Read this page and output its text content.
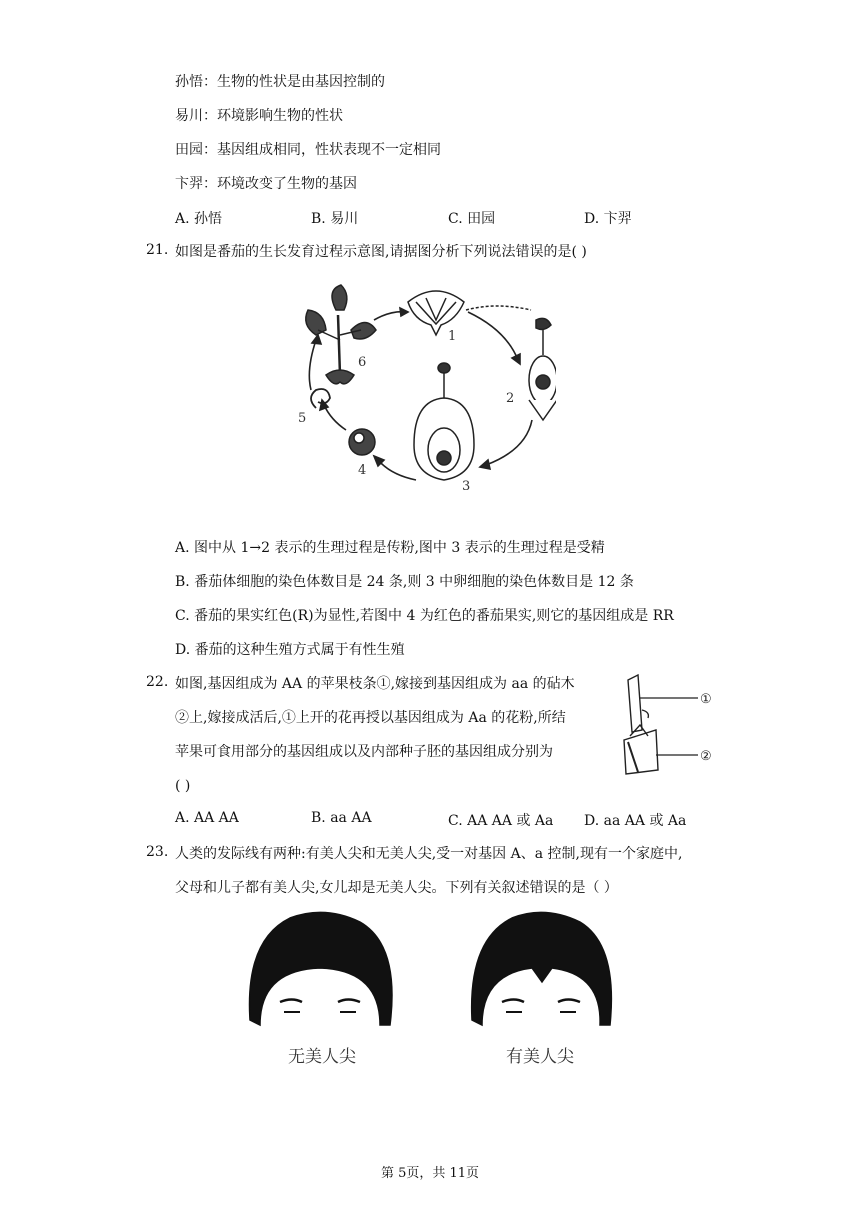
孙悟：生物的性状是由基因控制的
易川：环境影响生物的性状
田园：基因组成相同，性状表现不一定相同
卞羿：环境改变了生物的基因
A. 孙悟	B. 易川	C. 田园	D. 卞羿
21. 如图是番茄的生长发育过程示意图,请据图分析下列说法错误的是( )
1
2
3
4
5
6
A. 图中从 1→2 表示的生理过程是传粉,图中 3 表示的生理过程是受精
B. 番茄体细胞的染色体数目是 24 条,则 3 中卵细胞的染色体数目是 12 条
C. 番茄的果实红色(R)为显性,若图中 4 为红色的番茄果实,则它的基因组成是 RR
D. 番茄的这种生殖方式属于有性生殖
22. 如图,基因组成为 AA 的苹果枝条①,嫁接到基因组成为 aa 的砧木
②上,嫁接成活后,①上开的花再授以基因组成为 Aa 的花粉,所结
苹果可食用部分的基因组成以及内部种子胚的基因组成分别为
( )
①
②
A. AA AA	B. aa AA	C. AA AA 或 Aa D. aa AA 或 Aa
23. 人类的发际线有两种:有美人尖和无美人尖,受一对基因 A、a 控制,现有一个家庭中,
父母和儿子都有美人尖,女儿却是无美人尖。下列有关叙述错误的是（ ）
无美人尖	有美人尖
第 5页，共 11页
